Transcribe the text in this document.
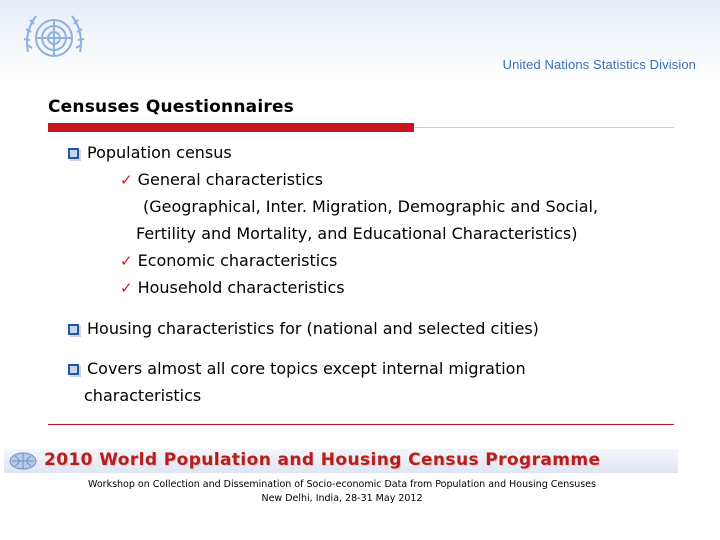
United Nations Statistics Division
Censuses Questionnaires
Population census
✓ General characteristics
(Geographical, Inter. Migration, Demographic and Social,
Fertility and Mortality, and Educational Characteristics)
✓ Economic characteristics
✓ Household characteristics
Housing characteristics for (national and selected cities)
Covers almost all core topics except internal migration
characteristics
2010 World Population and Housing Census Programme
Workshop on Collection and Dissemination of Socio-economic Data from Population and Housing Censuses
New Delhi, India, 28-31 May 2012
